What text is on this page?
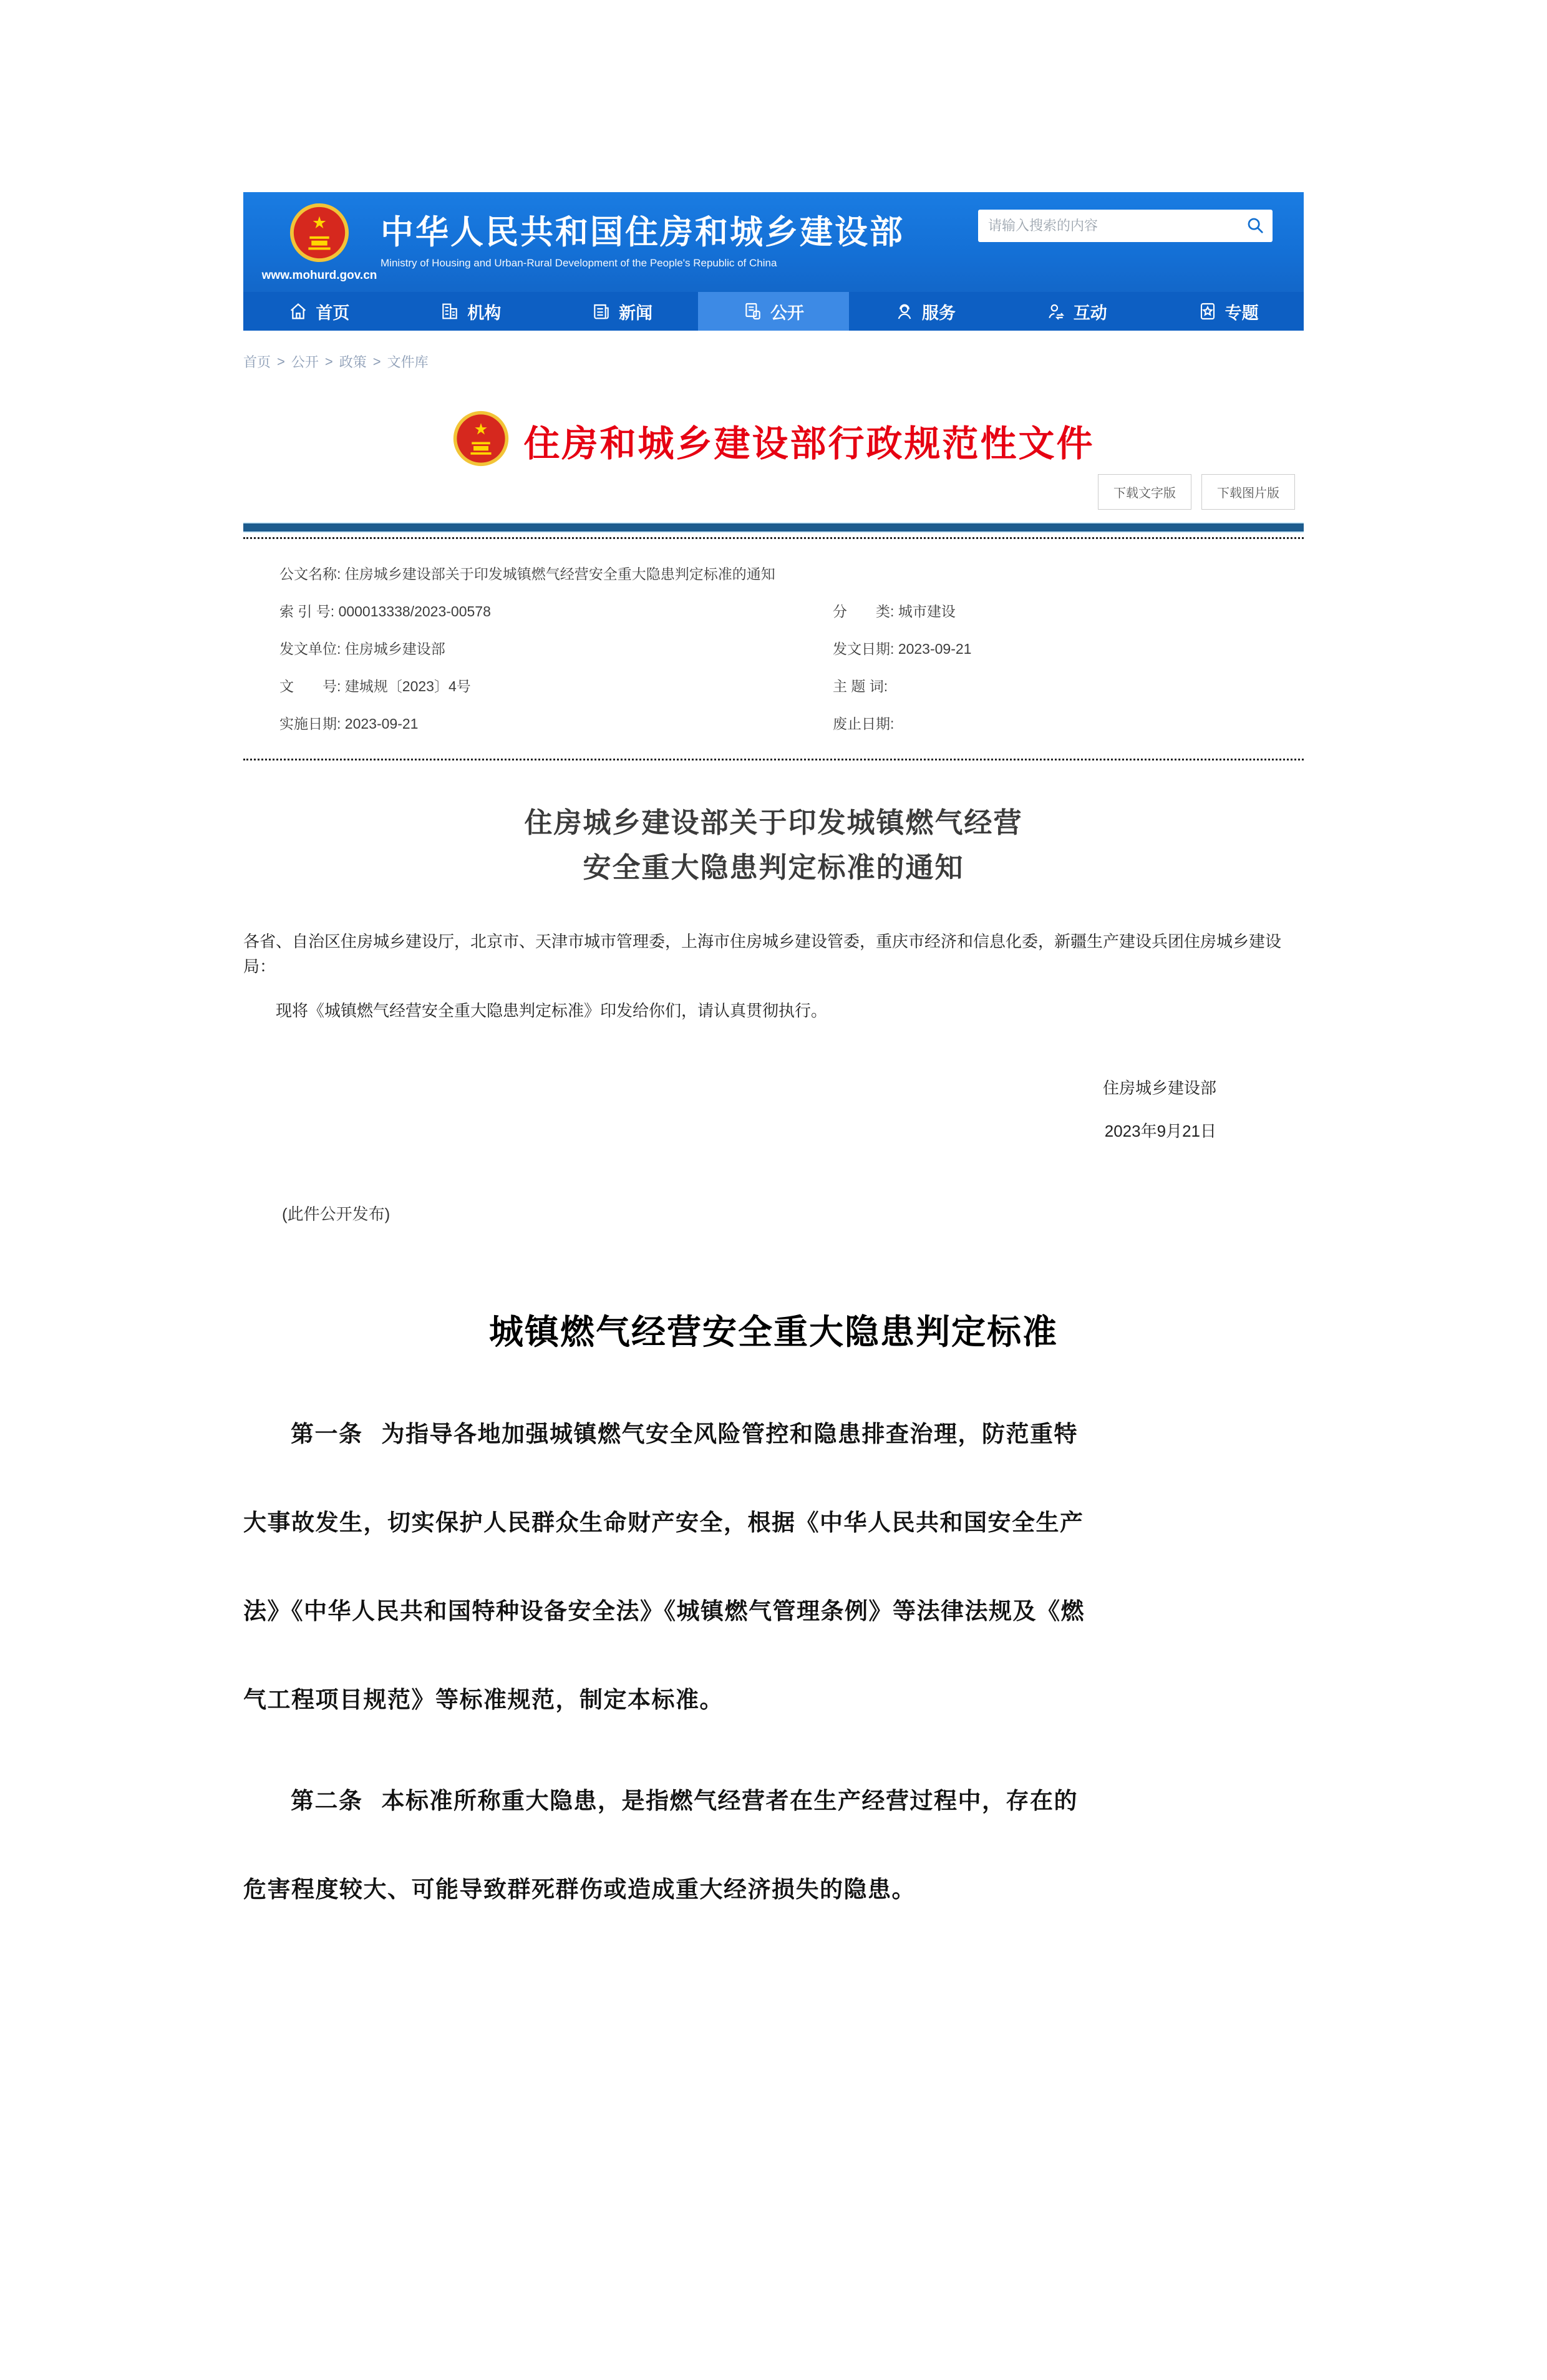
www.mohurd.gov.cn
中华人民共和国住房和城乡建设部
Ministry of Housing and Urban-Rural Development of the People's Republic of China
请输入搜索的内容
首页	机构	新闻	公开	服务	互动	专题
首页 > 公开 > 政策 > 文件库
住房和城乡建设部行政规范性文件
下载文字版	下载图片版
公文名称: 住房城乡建设部关于印发城镇燃气经营安全重大隐患判定标准的通知
索 引 号: 000013338/2023-00578	分　　类: 城市建设
发文单位: 住房城乡建设部	发文日期: 2023-09-21
文　　号: 建城规〔2023〕4号	主 题 词:
实施日期: 2023-09-21	废止日期:
住房城乡建设部关于印发城镇燃气经营
安全重大隐患判定标准的通知
各省、自治区住房城乡建设厅，北京市、天津市城市管理委，上海市住房城乡建设管委，重庆市经济和信息化委，新疆生产建设兵团住房城乡建设局：
现将《城镇燃气经营安全重大隐患判定标准》印发给你们，请认真贯彻执行。
住房城乡建设部
2023年9月21日
(此件公开发布)
城镇燃气经营安全重大隐患判定标准
第一条 为指导各地加强城镇燃气安全风险管控和隐患排查治理，防范重特
大事故发生，切实保护人民群众生命财产安全，根据《中华人民共和国安全生产
法》《中华人民共和国特种设备安全法》《城镇燃气管理条例》等法律法规及《燃
气工程项目规范》等标准规范，制定本标准。
第二条 本标准所称重大隐患，是指燃气经营者在生产经营过程中，存在的
危害程度较大、可能导致群死群伤或造成重大经济损失的隐患。
